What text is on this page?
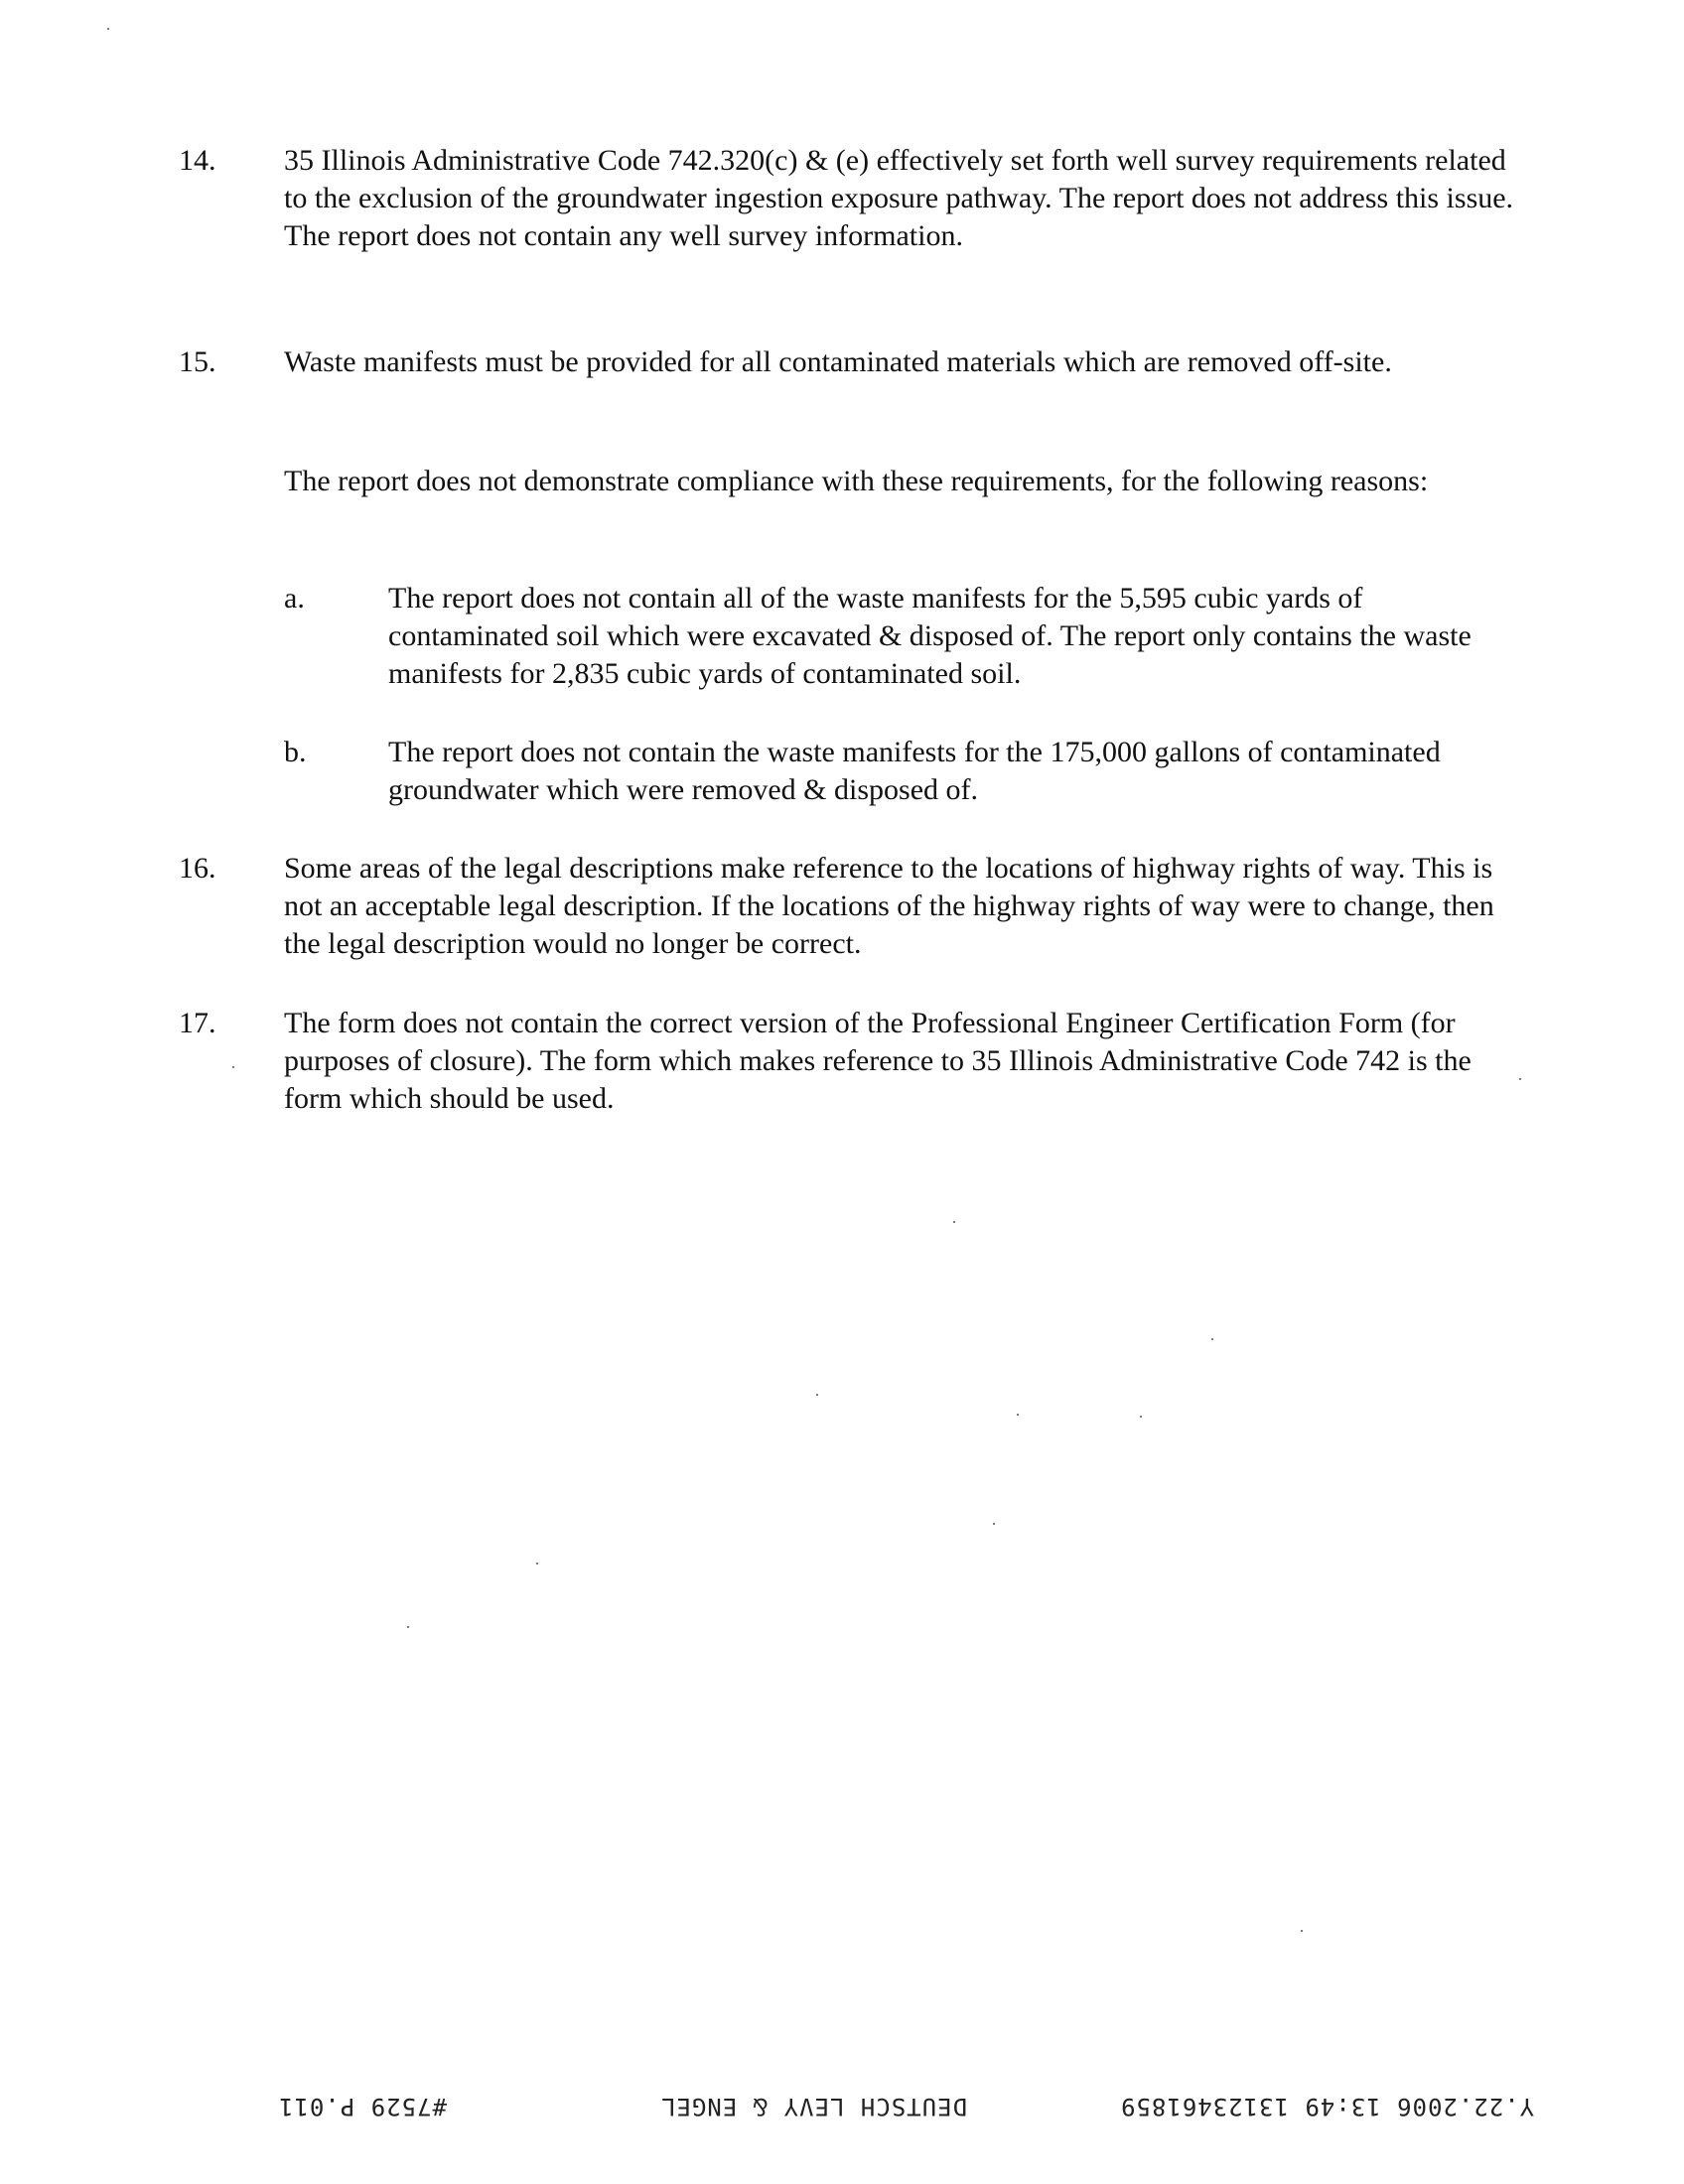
14. 35 Illinois Administrative Code 742.320(c) & (e) effectively set forth well survey requirements related to the exclusion of the groundwater ingestion exposure pathway. The report does not address this issue. The report does not contain any well survey information.
15. Waste manifests must be provided for all contaminated materials which are removed off-site.
The report does not demonstrate compliance with these requirements, for the following reasons:
a.	The report does not contain all of the waste manifests for the 5,595 cubic yards of contaminated soil which were excavated & disposed of. The report only contains the waste manifests for 2,835 cubic yards of contaminated soil.
b.	The report does not contain the waste manifests for the 175,000 gallons of contaminated groundwater which were removed & disposed of.
16. Some areas of the legal descriptions make reference to the locations of highway rights of way. This is not an acceptable legal description. If the locations of the highway rights of way were to change, then the legal description would no longer be correct.
17. The form does not contain the correct version of the Professional Engineer Certification Form (for purposes of closure). The form which makes reference to 35 Illinois Administrative Code 742 is the form which should be used.
#7529 P.011	DEUTSCH LEVY & ENGEL	Y.22.2006 13:49 13123461859
